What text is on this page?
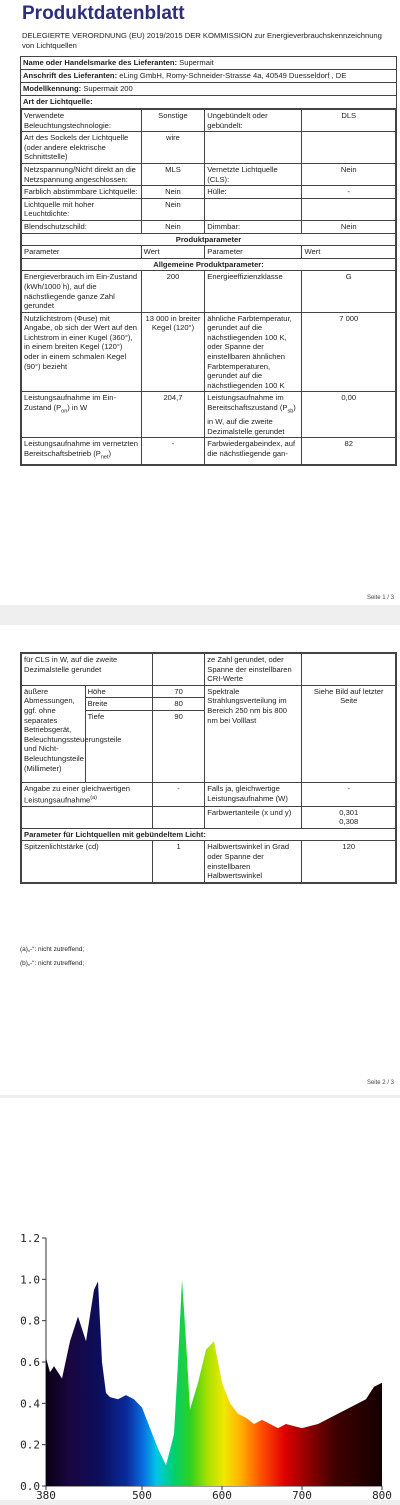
Produktdatenblatt
DELEGIERTE VERORDNUNG (EU) 2019/2015 DER KOMMISSION zur Energieverbrauchskennzeichnung von Lichtquellen
Name oder Handelsmarke des Lieferanten: Supermait
Anschrift des Lieferanten: eLing GmbH, Romy-Schneider-Strasse 4a, 40549 Duesseldorf , DE
Modellkennung: Supermait 200
Art der Lichtquelle:
Verwendete Beleuchtungstechnologie:	Sonstige	Ungebündelt oder gebündelt:	DLS
Art des Sockels der Lichtquelle (oder andere elektrische Schnittstelle)	wire		
Netzspannung/Nicht direkt an die Netzspannung angeschlossen:	MLS	Vernetzte Lichtquelle (CLS):	Nein
Farblich abstimmbare Lichtquelle:	Nein	Hülle:	-
Lichtquelle mit hoher Leuchtdichte:	Nein		
Blendschutzschild:	Nein	Dimmbar:	Nein
Produktparameter			
Parameter	Wert	Parameter	Wert
Allgemeine Produktparameter:			
Energieverbrauch im Ein-Zustand (kWh/1000 h), auf die nächstliegende ganze Zahl gerundet	200	Energieeffizienzklasse	G
Nutzlichtstrom (Φuse) mit Angabe, ob sich der Wert auf den Lichtstrom in einer Kugel (360°), in einem breiten Kegel (120°) oder in einem schmalen Kegel (90°) bezieht	13 000 in breiter Kegel (120°)	ähnliche Farbtemperatur, gerundet auf die nächstliegenden 100 K, oder Spanne der einstellbaren ähnlichen Farbtemperaturen, gerundet auf die nächstliegenden 100 K	7 000
Leistungsaufnahme im Ein-Zustand $(P_{on})$ in W	204,7	Leistungsaufnahme im Bereitschaftszustand $(P_{sb})$ in W, auf die zweite Dezimalstelle gerundet	0,00
Leistungsaufnahme im vernetzten Bereitschaftsbetrieb $(P_{net})$	-	Farbwiedergabeindex, auf die nächstliegende gan-	82
Seite 1 / 3
für CLS in W, auf die zweite Dezimalstelle gerundet			ze Zahl gerundet, oder Spanne der einstellbaren CRI-Werte	
äußere Abmessungen, ggf. ohne separates Betriebsgerät, Beleuchtungssteuerungsteile und Nicht-Beleuchtungsteile (Millimeter)	Höhe	70	Spektrale Strahlungsverteilung im Bereich 250 nm bis 800 nm bei Volllast	Siehe Bild auf letzter Seite
	Breite	80		
	Tiefe	90		
Angabe zu einer gleichwertigen Leistungsaufnahme$^{(a)}$		-	Falls ja, gleichwertige Leistungsaufnahme (W)	-
			Farbwertanteile (x und y)	0,301
0,308

Parameter für Lichtquellen mit gebündeltem Licht:				
Spitzenlichtstärke (cd)		1	Halbwertswinkel in Grad oder Spanne der einstellbaren Halbwertswinkel	120
(a)„-“: nicht zutreffend;
(b)„-“: nicht zutreffend;
Seite 2 / 3
0.0
0.2
0.4
0.6
0.8
1.0
1.2
380	500	600	700	800
